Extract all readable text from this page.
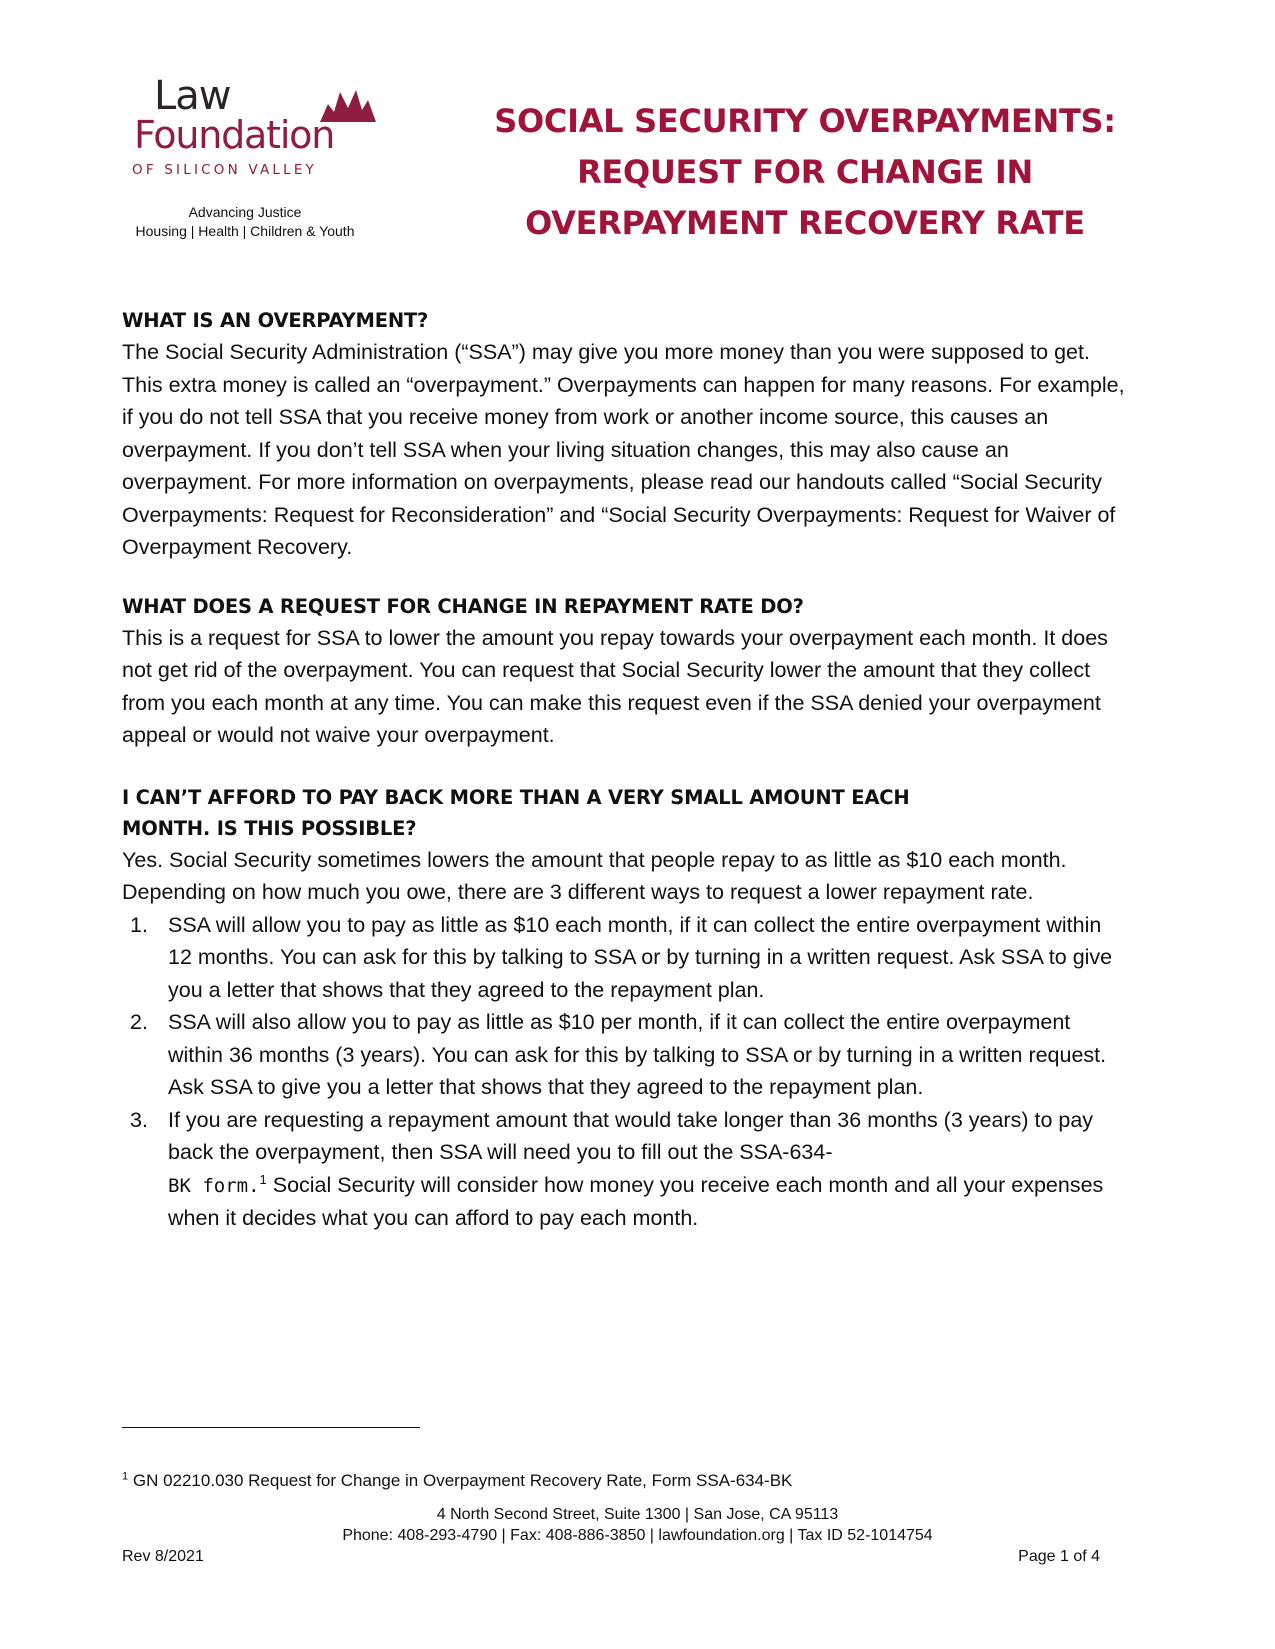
Law
Foundation
OF SILICON VALLEY
Advancing Justice
Housing | Health | Children & Youth
SOCIAL SECURITY OVERPAYMENTS:
REQUEST FOR CHANGE IN
OVERPAYMENT RECOVERY RATE
WHAT IS AN OVERPAYMENT?

The Social Security Administration (“SSA”) may give you more money than you were supposed to get. This extra money is called an “overpayment.” Overpayments can happen for many reasons. For example, if you do not tell SSA that you receive money from work or another income source, this causes an overpayment. If you don’t tell SSA when your living situation changes, this may also cause an overpayment. For more information on overpayments, please read our handouts called “Social Security Overpayments: Request for Reconsideration” and “Social Security Overpayments: Request for Waiver of Overpayment Recovery.

WHAT DOES A REQUEST FOR CHANGE IN REPAYMENT RATE DO?

This is a request for SSA to lower the amount you repay towards your overpayment each month. It does not get rid of the overpayment. You can request that Social Security lower the amount that they collect from you each month at any time. You can make this request even if the SSA denied your overpayment appeal or would not waive your overpayment.

I CAN’T AFFORD TO PAY BACK MORE THAN A VERY SMALL AMOUNT EACH
MONTH. IS THIS POSSIBLE?

Yes. Social Security sometimes lowers the amount that people repay to as little as $10 each month. Depending on how much you owe, there are 3 different ways to request a lower repayment rate.

1. SSA will allow you to pay as little as $10 each month, if it can collect the entire overpayment within 12 months. You can ask for this by talking to SSA or by turning in a written request. Ask SSA to give you a letter that shows that they agreed to the repayment plan.
2. SSA will also allow you to pay as little as $10 per month, if it can collect the entire overpayment within 36 months (3 years). You can ask for this by talking to SSA or by turning in a written request. Ask SSA to give you a letter that shows that they agreed to the repayment plan.
3. If you are requesting a repayment amount that would take longer than 36 months (3 years) to pay back the overpayment, then SSA will need you to fill out the SSA-634-
BK form.$^1$ Social Security will consider how money you receive each month and all your expenses when it decides what you can afford to pay each month.
$^1$ GN 02210.030 Request for Change in Overpayment Recovery Rate, Form SSA-634-BK
4 North Second Street, Suite 1300 | San Jose, CA 95113
Phone: 408-293-4790 | Fax: 408-886-3850 | lawfoundation.org | Tax ID 52-1014754
Rev 8/2021	Page 1 of 4
